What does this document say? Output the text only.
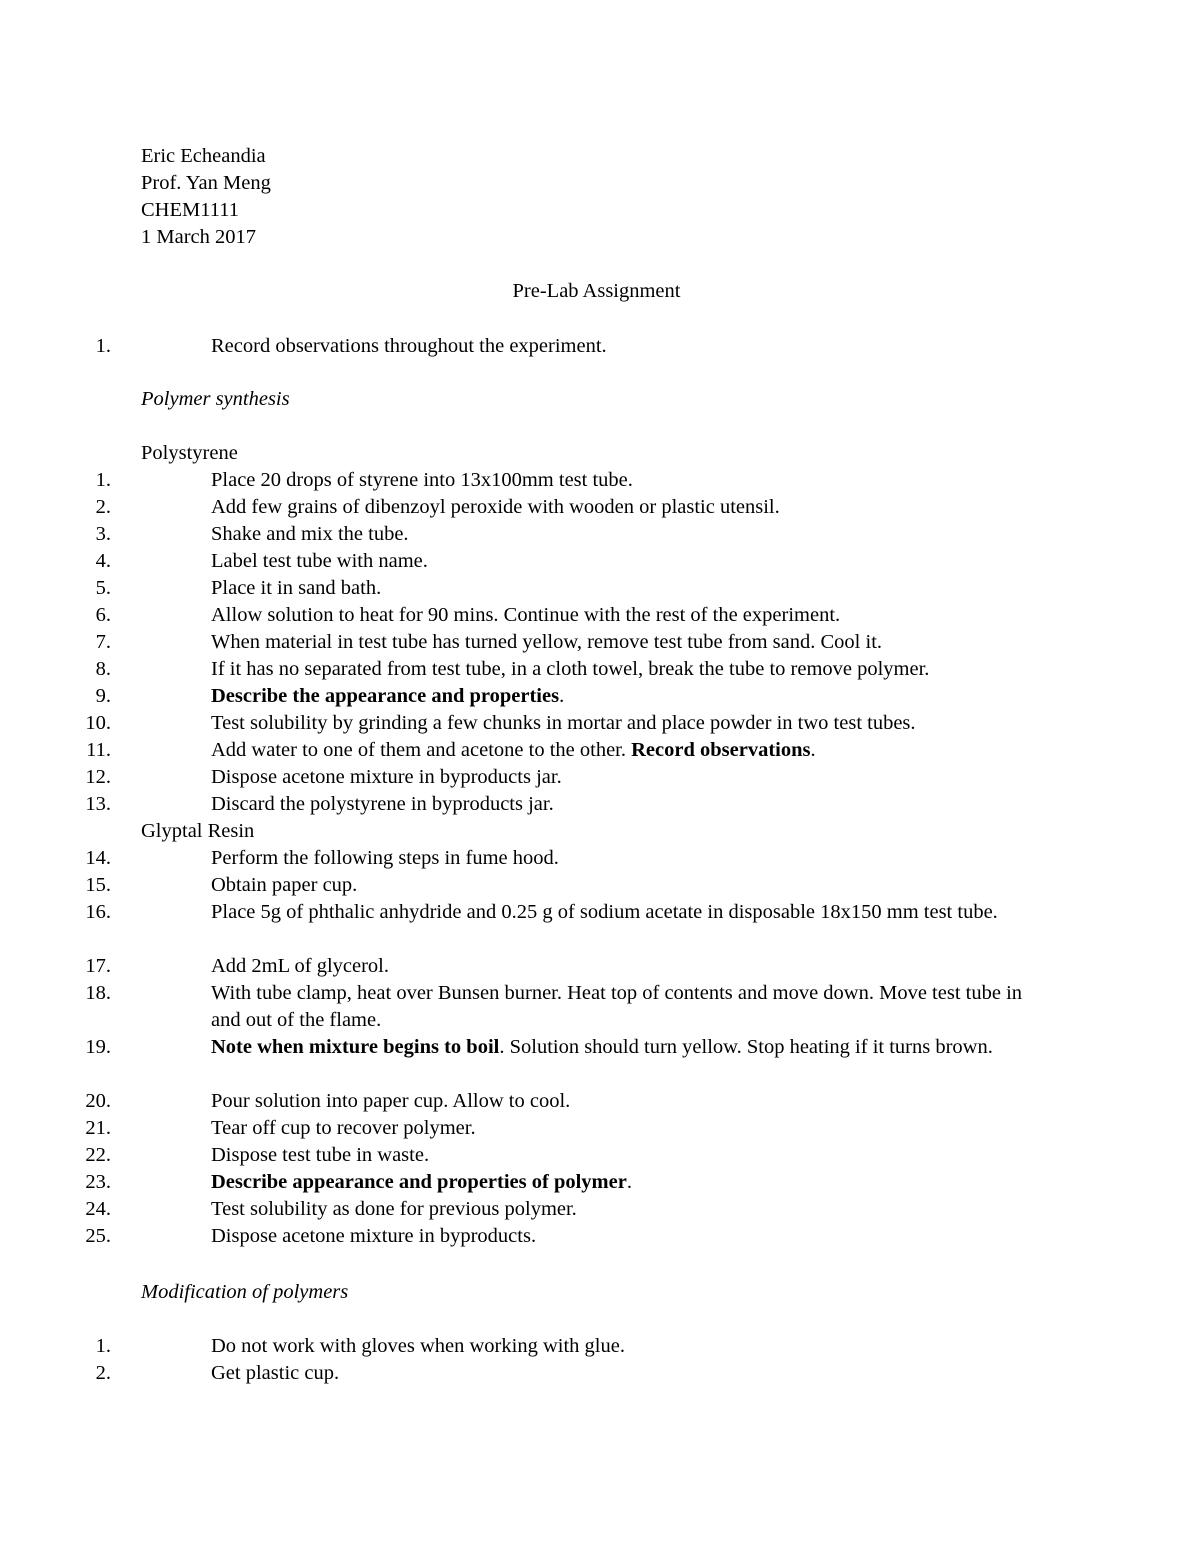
Eric Echeandia
Prof. Yan Meng
CHEM1111
1 March 2017
Pre-Lab Assignment
1.	Record observations throughout the experiment.
Polymer synthesis
Polystyrene
1.	Place 20 drops of styrene into 13x100mm test tube.
2.	Add few grains of dibenzoyl peroxide with wooden or plastic utensil.
3.	Shake and mix the tube.
4.	Label test tube with name.
5.	Place it in sand bath.
6.	Allow solution to heat for 90 mins. Continue with the rest of the experiment.
7.	When material in test tube has turned yellow, remove test tube from sand. Cool it.
8.	If it has no separated from test tube, in a cloth towel, break the tube to remove polymer.
9.	Describe the appearance and properties.
10.	Test solubility by grinding a few chunks in mortar and place powder in two test tubes.
11.	Add water to one of them and acetone to the other. Record observations.
12.	Dispose acetone mixture in byproducts jar.
13.	Discard the polystyrene in byproducts jar.
Glyptal Resin
14.	Perform the following steps in fume hood.
15.	Obtain paper cup.
16.	Place 5g of phthalic anhydride and 0.25 g of sodium acetate in disposable 18x150 mm test tube.
17.	Add 2mL of glycerol.
18.	With tube clamp, heat over Bunsen burner. Heat top of contents and move down. Move test tube in and out of the flame.
19.	Note when mixture begins to boil. Solution should turn yellow. Stop heating if it turns brown.
20.	Pour solution into paper cup. Allow to cool.
21.	Tear off cup to recover polymer.
22.	Dispose test tube in waste.
23.	Describe appearance and properties of polymer.
24.	Test solubility as done for previous polymer.
25.	Dispose acetone mixture in byproducts.
Modification of polymers
1.	Do not work with gloves when working with glue.
2.	Get plastic cup.
